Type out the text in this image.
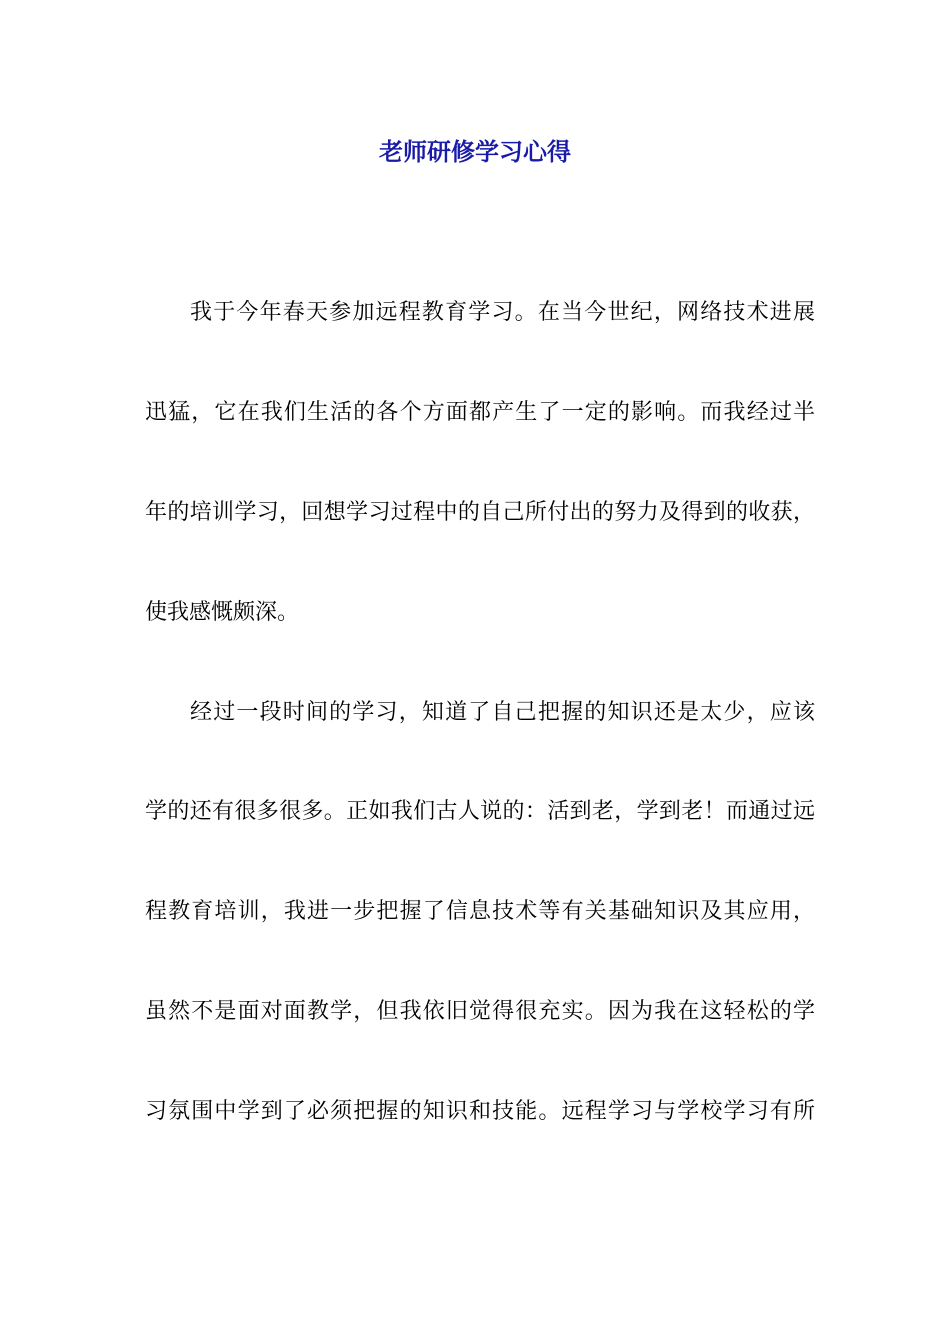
老师研修学习心得
我于今年春天参加远程教育学习。在当今世纪，网络技术进展
迅猛，它在我们生活的各个方面都产生了一定的影响。而我经过半
年的培训学习，回想学习过程中的自己所付出的努力及得到的收获，
使我感慨颇深。
经过一段时间的学习，知道了自己把握的知识还是太少，应该
学的还有很多很多。正如我们古人说的：活到老，学到老！而通过远
程教育培训，我进一步把握了信息技术等有关基础知识及其应用，
虽然不是面对面教学，但我依旧觉得很充实。因为我在这轻松的学
习氛围中学到了必须把握的知识和技能。远程学习与学校学习有所
